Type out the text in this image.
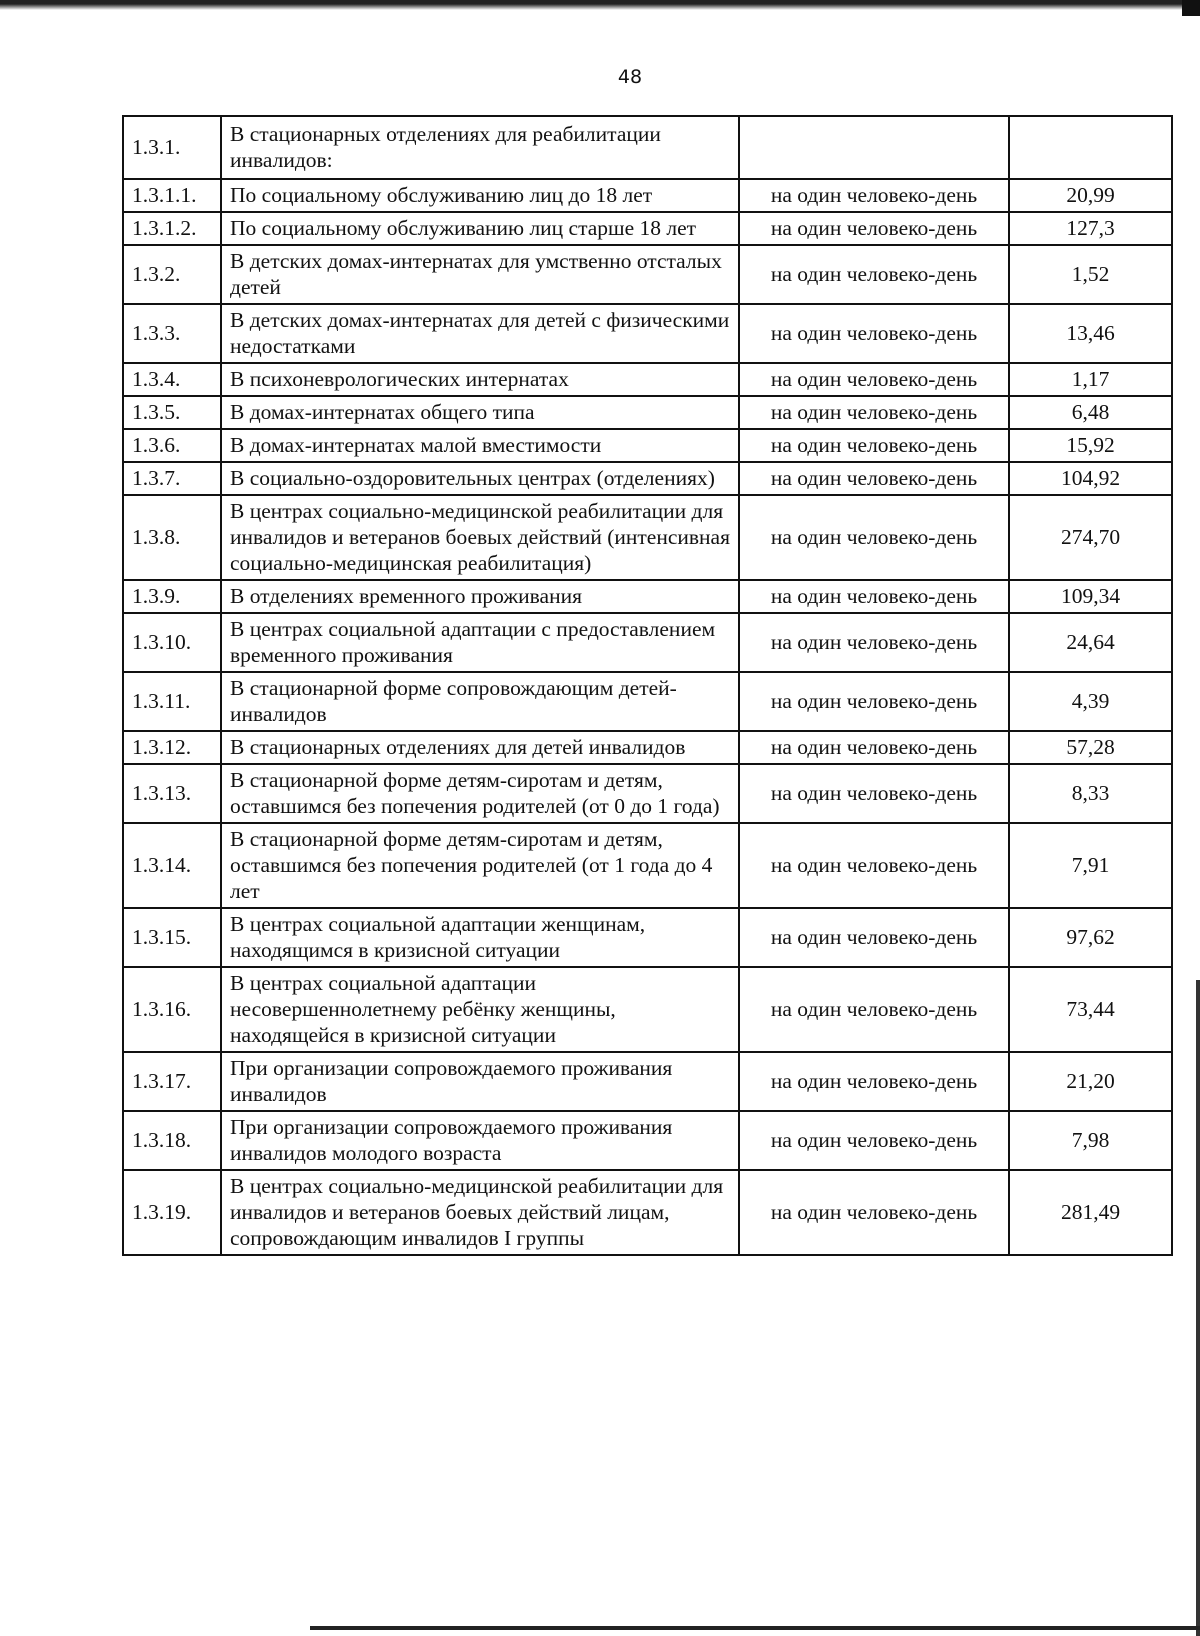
48
1.3.1.	В стационарных отделениях для реабилитации инвалидов:		
1.3.1.1.	По социальному обслуживанию лиц до 18 лет	на один человеко-день	20,99
1.3.1.2.	По социальному обслуживанию лиц старше 18 лет	на один человеко-день	127,3
1.3.2.	В детских домах-интернатах для умственно отсталых детей	на один человеко-день	1,52
1.3.3.	В детских домах-интернатах для детей с физическими недостатками	на один человеко-день	13,46
1.3.4.	В психоневрологических интернатах	на один человеко-день	1,17
1.3.5.	В домах-интернатах общего типа	на один человеко-день	6,48
1.3.6.	В домах-интернатах малой вместимости	на один человеко-день	15,92
1.3.7.	В социально-оздоровительных центрах (отделениях)	на один человеко-день	104,92
1.3.8.	В центрах социально-медицинской реабилитации для инвалидов и ветеранов боевых действий (интенсивная социально-медицинская реабилитация)	на один человеко-день	274,70
1.3.9.	В отделениях временного проживания	на один человеко-день	109,34
1.3.10.	В центрах социальной адаптации с предоставлением временного проживания	на один человеко-день	24,64
1.3.11.	В стационарной форме сопровождающим детей-инвалидов	на один человеко-день	4,39
1.3.12.	В стационарных отделениях для детей инвалидов	на один человеко-день	57,28
1.3.13.	В стационарной форме детям-сиротам и детям, оставшимся без попечения родителей (от 0 до 1 года)	на один человеко-день	8,33
1.3.14.	В стационарной форме детям-сиротам и детям, оставшимся без попечения родителей (от 1 года до 4 лет	на один человеко-день	7,91
1.3.15.	В центрах социальной адаптации женщинам, находящимся в кризисной ситуации	на один человеко-день	97,62
1.3.16.	В центрах социальной адаптации несовершеннолетнему ребёнку женщины, находящейся в кризисной ситуации	на один человеко-день	73,44
1.3.17.	При организации сопровождаемого проживания инвалидов	на один человеко-день	21,20
1.3.18.	При организации сопровождаемого проживания инвалидов молодого возраста	на один человеко-день	7,98
1.3.19.	В центрах социально-медицинской реабилитации для инвалидов и ветеранов боевых действий лицам, сопровождающим инвалидов I группы	на один человеко-день	281,49
